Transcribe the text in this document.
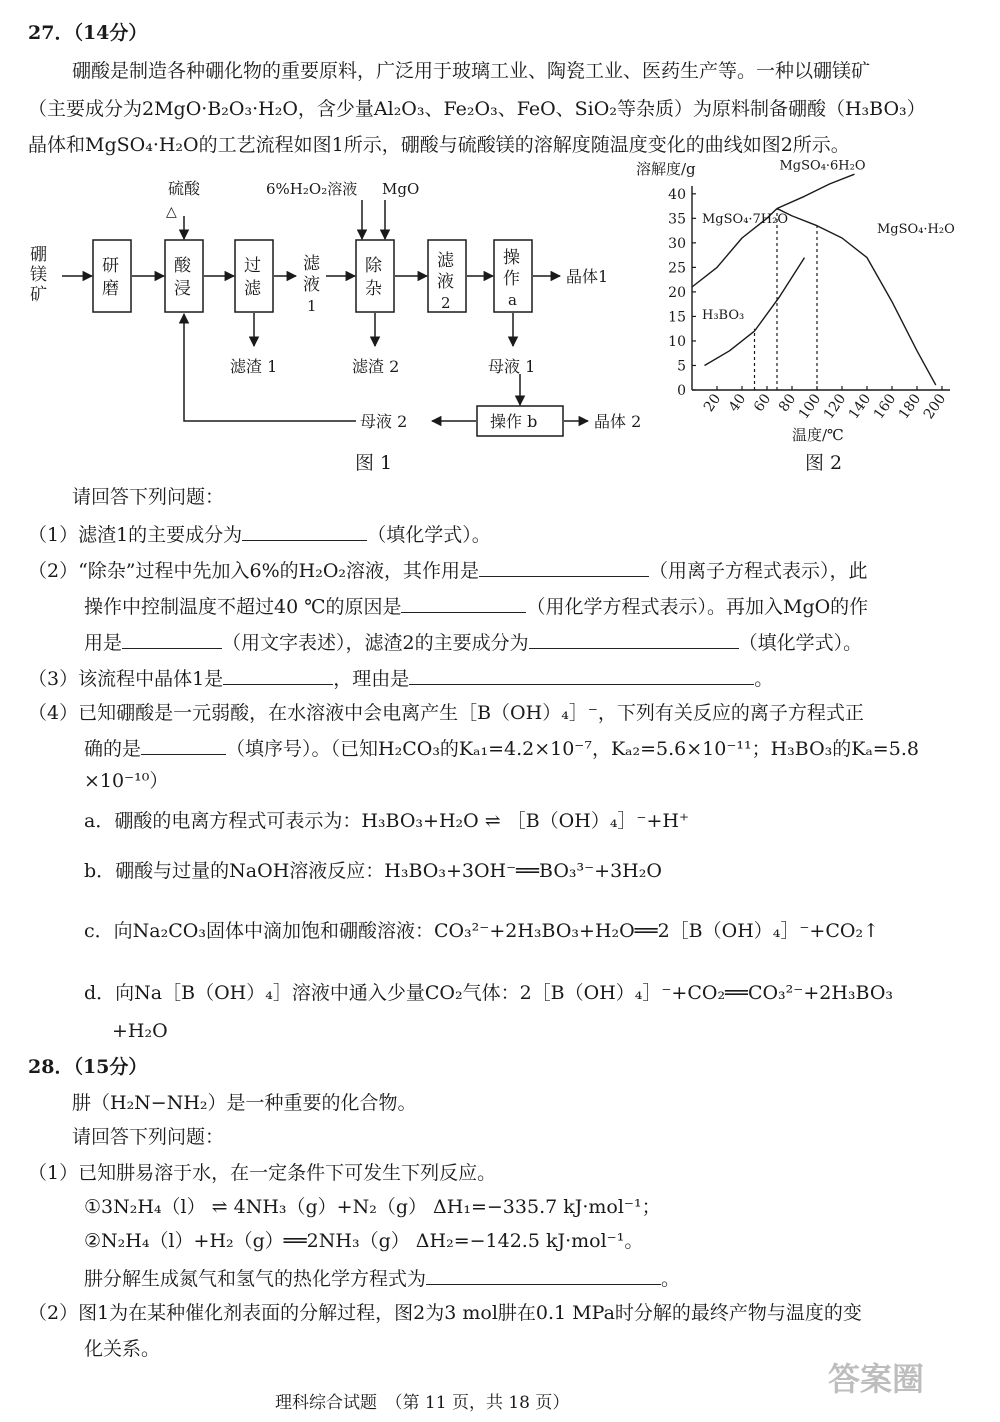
27．（14分）
硼酸是制造各种硼化物的重要原料，广泛用于玻璃工业、陶瓷工业、医药生产等。一种以硼镁矿
（主要成分为2MgO·B₂O₃·H₂O，含少量Al₂O₃、Fe₂O₃、FeO、SiO₂等杂质）为原料制备硼酸（H₃BO₃）
晶体和MgSO₄·H₂O的工艺流程如图1所示，硼酸与硫酸镁的溶解度随温度变化的曲线如图2所示。
硼
镁
矿
硫酸
△
6%H₂O₂溶液 MgO
研
磨
酸
浸
过
滤
滤
液
1
除
杂
滤
液
2
操
作
a
晶体1
滤渣 1	滤渣 2	母液 1
操作 b	晶体 2
母液 2
图 1
溶解度/g
温度/℃
0
5
10
15
20
25
30
35
40
20 40 60 80
100
120
140
160
180
200
MgSO₄·7H₂O
MgSO₄·6H₂O
MgSO₄·H₂O
H₃BO₃
图 2
请回答下列问题：
（1）滤渣1的主要成分为	（填化学式）。
（2）“除杂”过程中先加入6%的H₂O₂溶液，其作用是	（用离子方程式表示），此
操作中控制温度不超过40 ℃的原因是	（用化学方程式表示）。再加入MgO的作
用是	（用文字表述），滤渣2的主要成分为	（填化学式）。
（3）该流程中晶体1是	，理由是	。
（4）已知硼酸是一元弱酸，在水溶液中会电离产生［B（OH）₄］⁻，下列有关反应的离子方程式正
确的是	（填序号）。（已知H₂CO₃的Kₐ₁=4.2×10⁻⁷，Kₐ₂=5.6×10⁻¹¹；H₃BO₃的Kₐ=5.8
×10⁻¹⁰）
a．硼酸的电离方程式可表示为：H₃BO₃+H₂O ⇌ ［B（OH）₄］⁻+H⁺
b．硼酸与过量的NaOH溶液反应：H₃BO₃+3OH⁻══BO₃³⁻+3H₂O
c．向Na₂CO₃固体中滴加饱和硼酸溶液：CO₃²⁻+2H₃BO₃+H₂O══2［B（OH）₄］⁻+CO₂↑
d．向Na［B（OH）₄］溶液中通入少量CO₂气体：2［B（OH）₄］⁻+CO₂══CO₃²⁻+2H₃BO₃
+H₂O
28．（15分）
肼（H₂N−NH₂）是一种重要的化合物。
请回答下列问题：
（1）已知肼易溶于水，在一定条件下可发生下列反应。
①3N₂H₄（l） ⇌ 4NH₃（g）+N₂（g） ΔH₁=−335.7 kJ·mol⁻¹；
②N₂H₄（l）+H₂（g）══2NH₃（g） ΔH₂=−142.5 kJ·mol⁻¹。
肼分解生成氮气和氢气的热化学方程式为	。
（2）图1为在某种催化剂表面的分解过程，图2为3 mol肼在0.1 MPa时分解的最终产物与温度的变
化关系。
理科综合试题　（第 11 页，共 18 页）
答案圈
